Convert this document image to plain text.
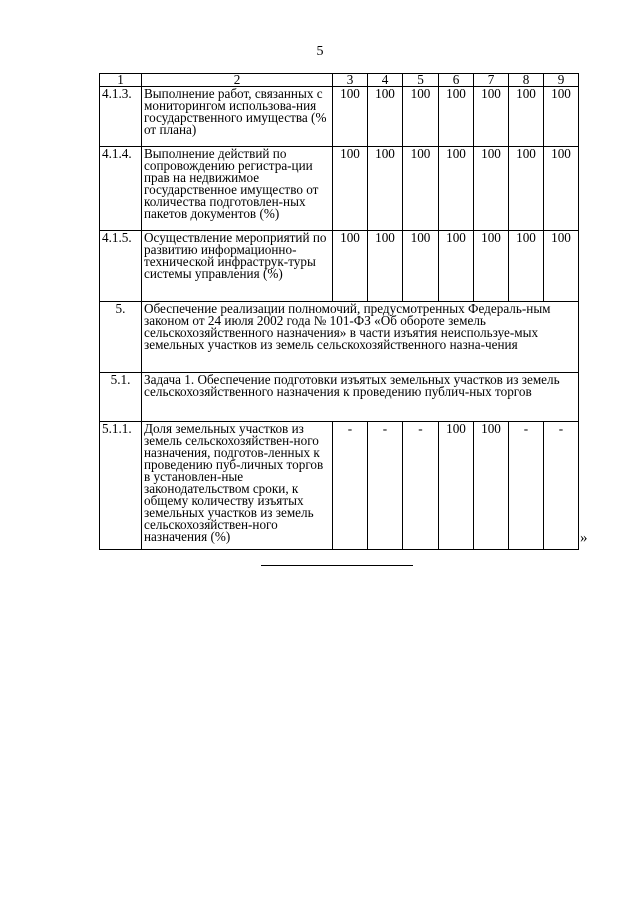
5
1	2	3	4	5	6	7	8	9
4.1.3.	Выполнение работ, связанных с мониторингом использова-ния государственного имущества (% от плана)	100	100	100	100	100	100	100
4.1.4.	Выполнение действий по сопровождению регистра-ции прав на недвижимое государственное имущество от количества подготовлен-ных пакетов документов (%)	100	100	100	100	100	100	100
4.1.5.	Осуществление мероприятий по развитию информационно-технической инфраструк-туры системы управления (%)	100	100	100	100	100	100	100
5.	Обеспечение реализации полномочий, предусмотренных Федераль-ным законом от 24 июля 2002 года № 101-ФЗ «Об обороте земель сельскохозяйственного назначения» в части изъятия неиспользуе-мых земельных участков из земель сельскохозяйственного назна-чения							
5.1.	Задача 1. Обеспечение подготовки изъятых земельных участков из земель сельскохозяйственного назначения к проведению публич-ных торгов							
5.1.1.	Доля земельных участков из земель сельскохозяйствен-ного назначения, подготов-ленных к проведению пуб-личных торгов в установлен-ные законодательством сроки, к общему количеству изъятых земельных участков из земель сельскохозяйствен-ного назначения (%)	-	-	-	100	100	-	-
»
